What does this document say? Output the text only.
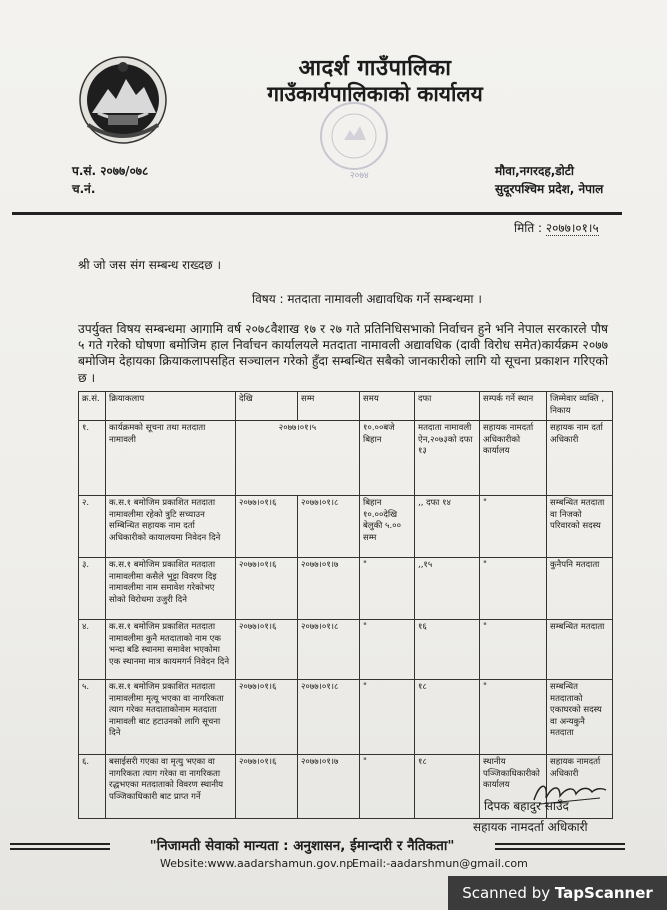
आदर्श गाउँपालिका
गाउँकार्यपालिकाको कार्यालय
२०७४
प.सं. २०७७/०७८
च.नं.
मौवा,नगरदह,डोटी
सुदूरपश्चिम प्रदेश, नेपाल
मिति : २०७७।०१।५
श्री जो जस संग सम्बन्ध राख्दछ ।
विषय : मतदाता नामावली अद्यावधिक गर्ने सम्बन्धमा ।
उपर्युक्त विषय सम्बन्धमा आगामि वर्ष २०७८वैशाख १७ र २७ गते प्रतिनिधिसभाको निर्वाचन हुने भनि नेपाल सरकारले पौष ५ गते गरेको घोषणा बमोजिम हाल निर्वाचन कार्यालयले मतदाता नामावली अद्यावधिक (दावी विरोध समेत)कार्यक्रम २०७७ बमोजिम देहायका क्रियाकलापसहित सञ्चालन गरेको हुँदा सम्बन्धित सबैको जानकारीको लागि यो सूचना प्रकाशन गरिएको छ ।
क्र.सं.	क्रियाकलाप	देखि	सम्म	समय	दफा	सम्पर्क गर्ने स्थान	जिम्मेवार व्यक्ति , निकाय
१.	कार्यक्रमको सूचना तथा मतदाता नामावली	२०७७।०१।५		१०.००बजे बिहान	मतदाता नामावली ऐन,२०७३को दफा १३	सहायक नामदर्ता अधिकारीको कार्यालय	सहायक नाम दर्ता अधिकारी
२.	क.स.१ बमोजिम प्रकाशित मतदाता नामावलीमा रहेको त्रुटि सच्याउन सम्बिन्धित सहायक नाम दर्ता अधिकारीको कायालयमा निवेदन दिने	२०७७।०१।६	२०७७।०१।८	बिहान १०.००देखि बेलुकी ५.०० सम्म	,, दफा १४	"	सम्बन्धित मतदाता वा निजको परिवारको सदस्य
३.	क.स.१ बमोजिम प्रकाशित मतदाता नामावलीमा कसैले भुट्टा विवरण दिइ नामावलीमा नाम समावेश गरेकोभए सोको विरोधमा उजुरी दिने	२०७७।०१।६	२०७७।०१।७	"	,,१५	"	कुनैपनि मतदाता
४.	क.स.१ बमोजिम प्रकाशित मतदाता नामावलीमा कुनै मतदाताको नाम एक भन्दा बढि स्थानमा समावेश भएकोमा एक स्थानमा मात्र कायमगर्न निवेदन दिने	२०७७।०१।६	२०७७।०१।८	"	१६	"	सम्बन्धित मतदाता
५.	क.स.१ बमोजिम प्रकाशित मतदाता नामावलीमा मृत्यू भएका वा नागरिकता त्याग गरेका मतदाताकोनाम मतदाता नामावली बाट हटाउनको लागि सूचना दिने	२०७७।०१।६	२०७७।०१।८	"	१८	"	सम्बन्धित मतदाताको एकाघरको सदस्य वा अन्यकुनै मतदाता
६.	बसाईसरी गएका वा मृत्यु भएका वा नागरिकता त्याग गरेका वा नागरिकता रद्धभएका मतदाताको विवरण स्थानीय पञ्जिकाधिकारी बाट प्राप्त गर्ने	२०७७।०१।६	२०७७।०१।७	"	१८	स्थानीय पञ्जिकाधिकारीको कार्यालय	सहायक नामदर्ता अधिकारी
दिपक बहादुर साउँद
सहायक नामदर्ता अधिकारी
"निजामती सेवाको मान्यता : अनुशासन, ईमान्दारी र नैतिकता"
Website:www.aadarshamun.gov.np
Email:-aadarshmun@gmail.com
Scanned by TapScanner
